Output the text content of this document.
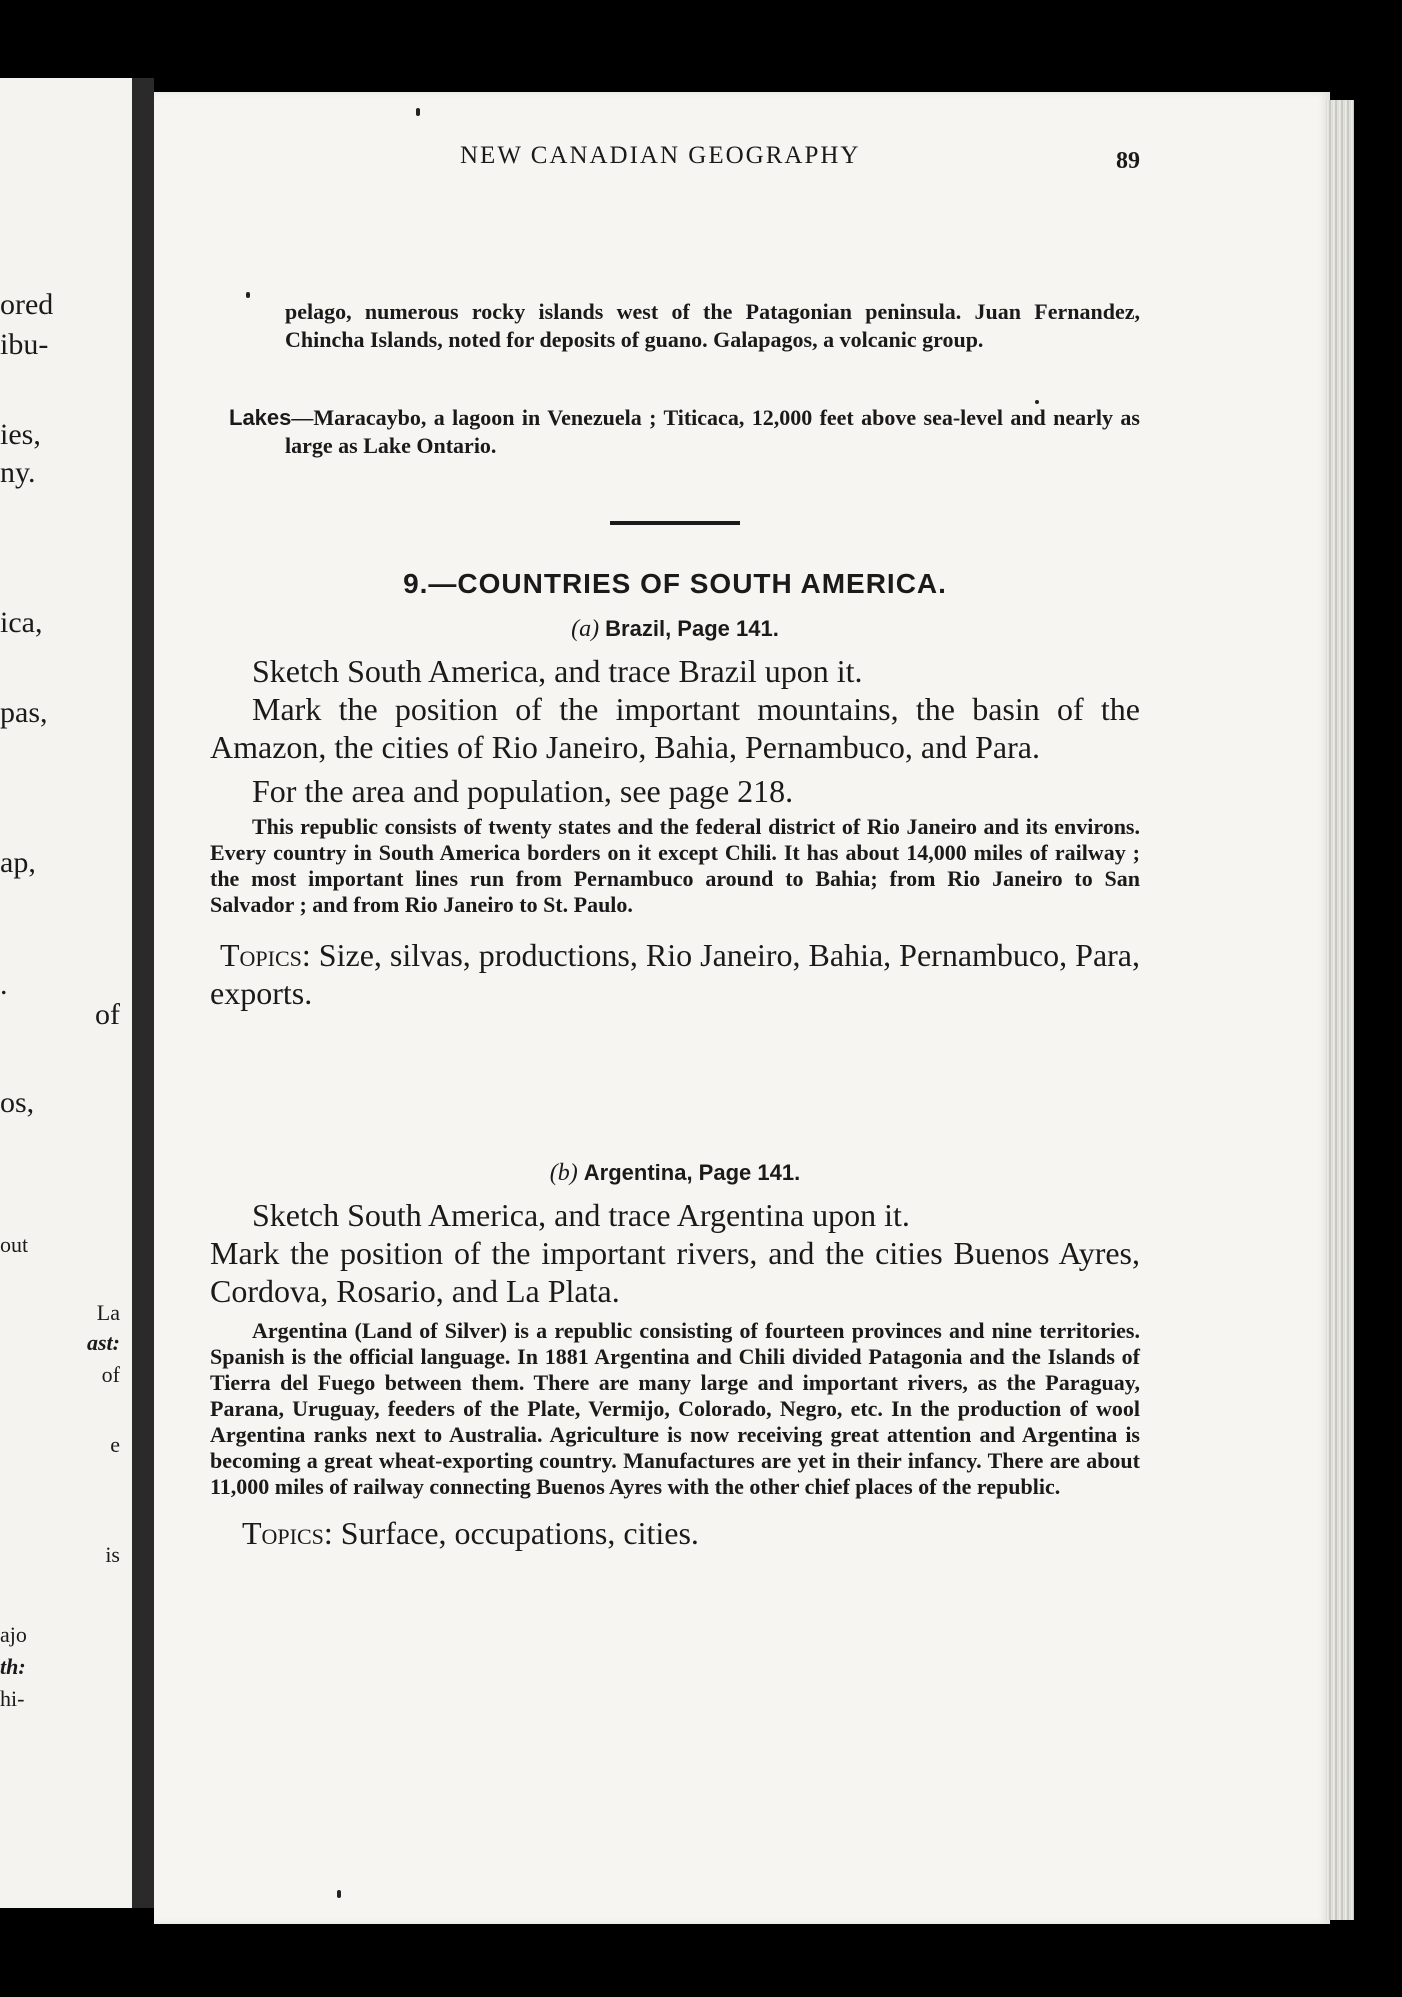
ored
ibu-
ies,
ny.
ica,
pas,
ap,
.
of
os,
out
La
ast:
of
e
is
ajo
th:
hi-
NEW CANADIAN GEOGRAPHY	89

pelago, numerous rocky islands west of the Patagonian peninsula. Juan Fernandez, Chincha Islands, noted for deposits of guano. Galapagos, a volcanic group.

Lakes—Maracaybo, a lagoon in Venezuela ; Titicaca, 12,000 feet above sea-level and nearly as large as Lake Ontario.

9.—COUNTRIES OF SOUTH AMERICA.

(a) Brazil, Page 141.

Sketch South America, and trace Brazil upon it.

Mark the position of the important mountains, the basin of the Amazon, the cities of Rio Janeiro, Bahia, Pernambuco, and Para.

For the area and population, see page 218.

This republic consists of twenty states and the federal district of Rio Janeiro and its environs. Every country in South America borders on it except Chili. It has about 14,000 miles of railway ; the most important lines run from Pernambuco around to Bahia; from Rio Janeiro to San Salvador ; and from Rio Janeiro to St. Paulo.

Topics: Size, silvas, productions, Rio Janeiro, Bahia, Pernambuco, Para, exports.

(b) Argentina, Page 141.

Sketch South America, and trace Argentina upon it.

Mark the position of the important rivers, and the cities Buenos Ayres, Cordova, Rosario, and La Plata.

Argentina (Land of Silver) is a republic consisting of fourteen provinces and nine territories. Spanish is the official language. In 1881 Argentina and Chili divided Patagonia and the Islands of Tierra del Fuego between them. There are many large and important rivers, as the Paraguay, Parana, Uruguay, feeders of the Plate, Vermijo, Colorado, Negro, etc. In the production of wool Argentina ranks next to Australia. Agriculture is now receiving great attention and Argentina is becoming a great wheat-exporting country. Manufactures are yet in their infancy. There are about 11,000 miles of railway connecting Buenos Ayres with the other chief places of the republic.

Topics: Surface, occupations, cities.
